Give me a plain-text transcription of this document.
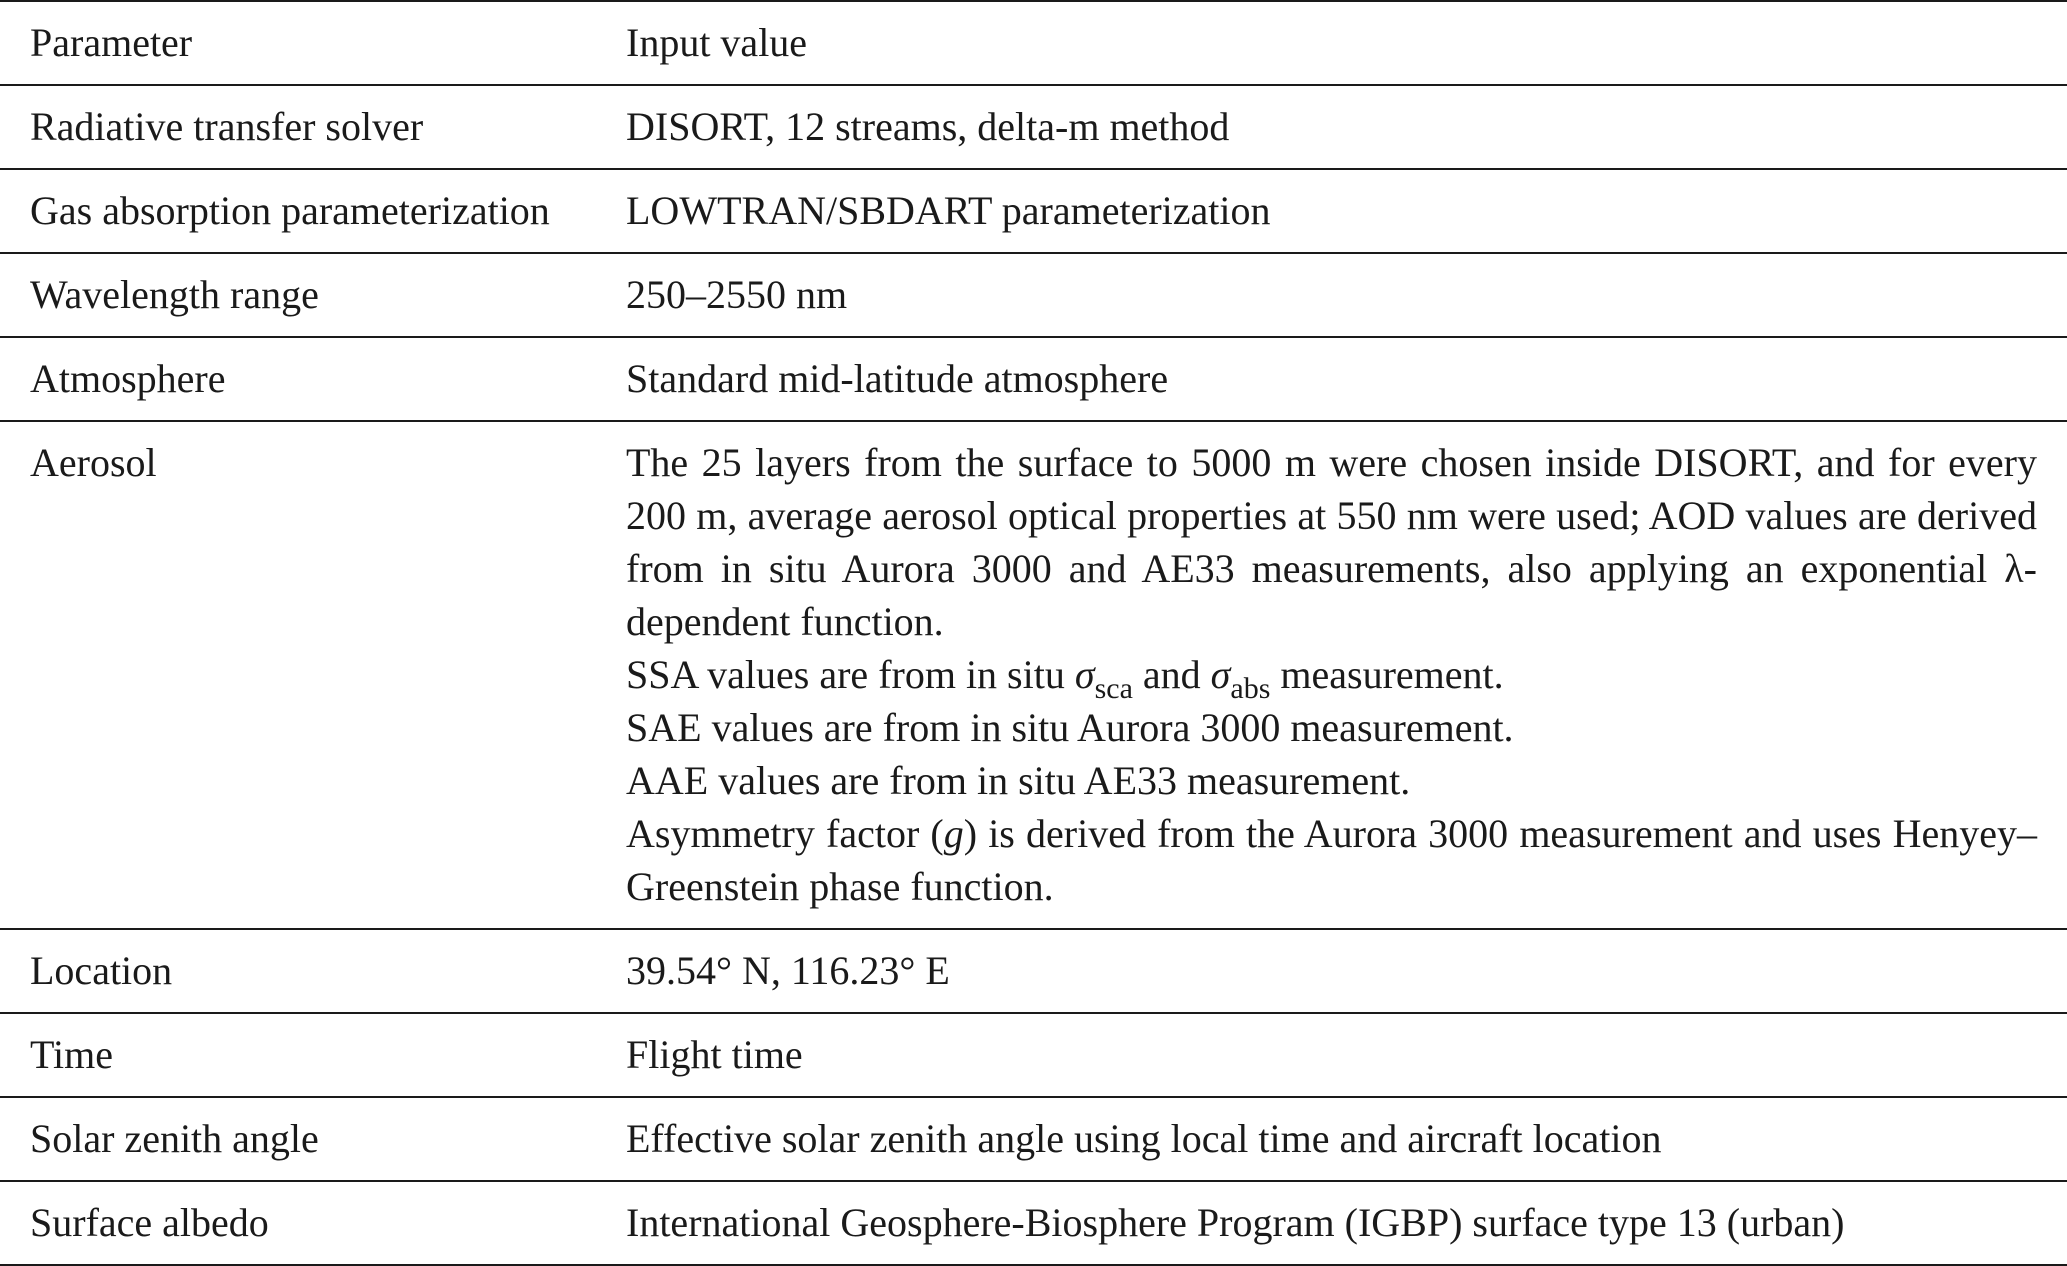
Parameter	Input value
Radiative transfer solver	DISORT, 12 streams, delta-m method
Gas absorption parameterization	LOWTRAN/SBDART parameterization
Wavelength range	250–2550 nm
Atmosphere	Standard mid-latitude atmosphere
Aerosol	The 25 layers from the surface to 5000 m were chosen inside DISORT, and for every 200 m, average aerosol optical properties at 550 nm were used; AOD values are derived from in situ Aurora 3000 and AE33 measurements, also applying an exponential λ-dependent function.
SSA values are from in situ $\sigma_{sca}$ and $\sigma_{abs}$ measurement.
SAE values are from in situ Aurora 3000 measurement.
AAE values are from in situ AE33 measurement.
Asymmetry factor (g) is derived from the Aurora 3000 measurement and uses Henyey–Greenstein phase function.

Location	39.54° N, 116.23° E
Time	Flight time
Solar zenith angle	Effective solar zenith angle using local time and aircraft location
Surface albedo	International Geosphere-Biosphere Program (IGBP) surface type 13 (urban)
